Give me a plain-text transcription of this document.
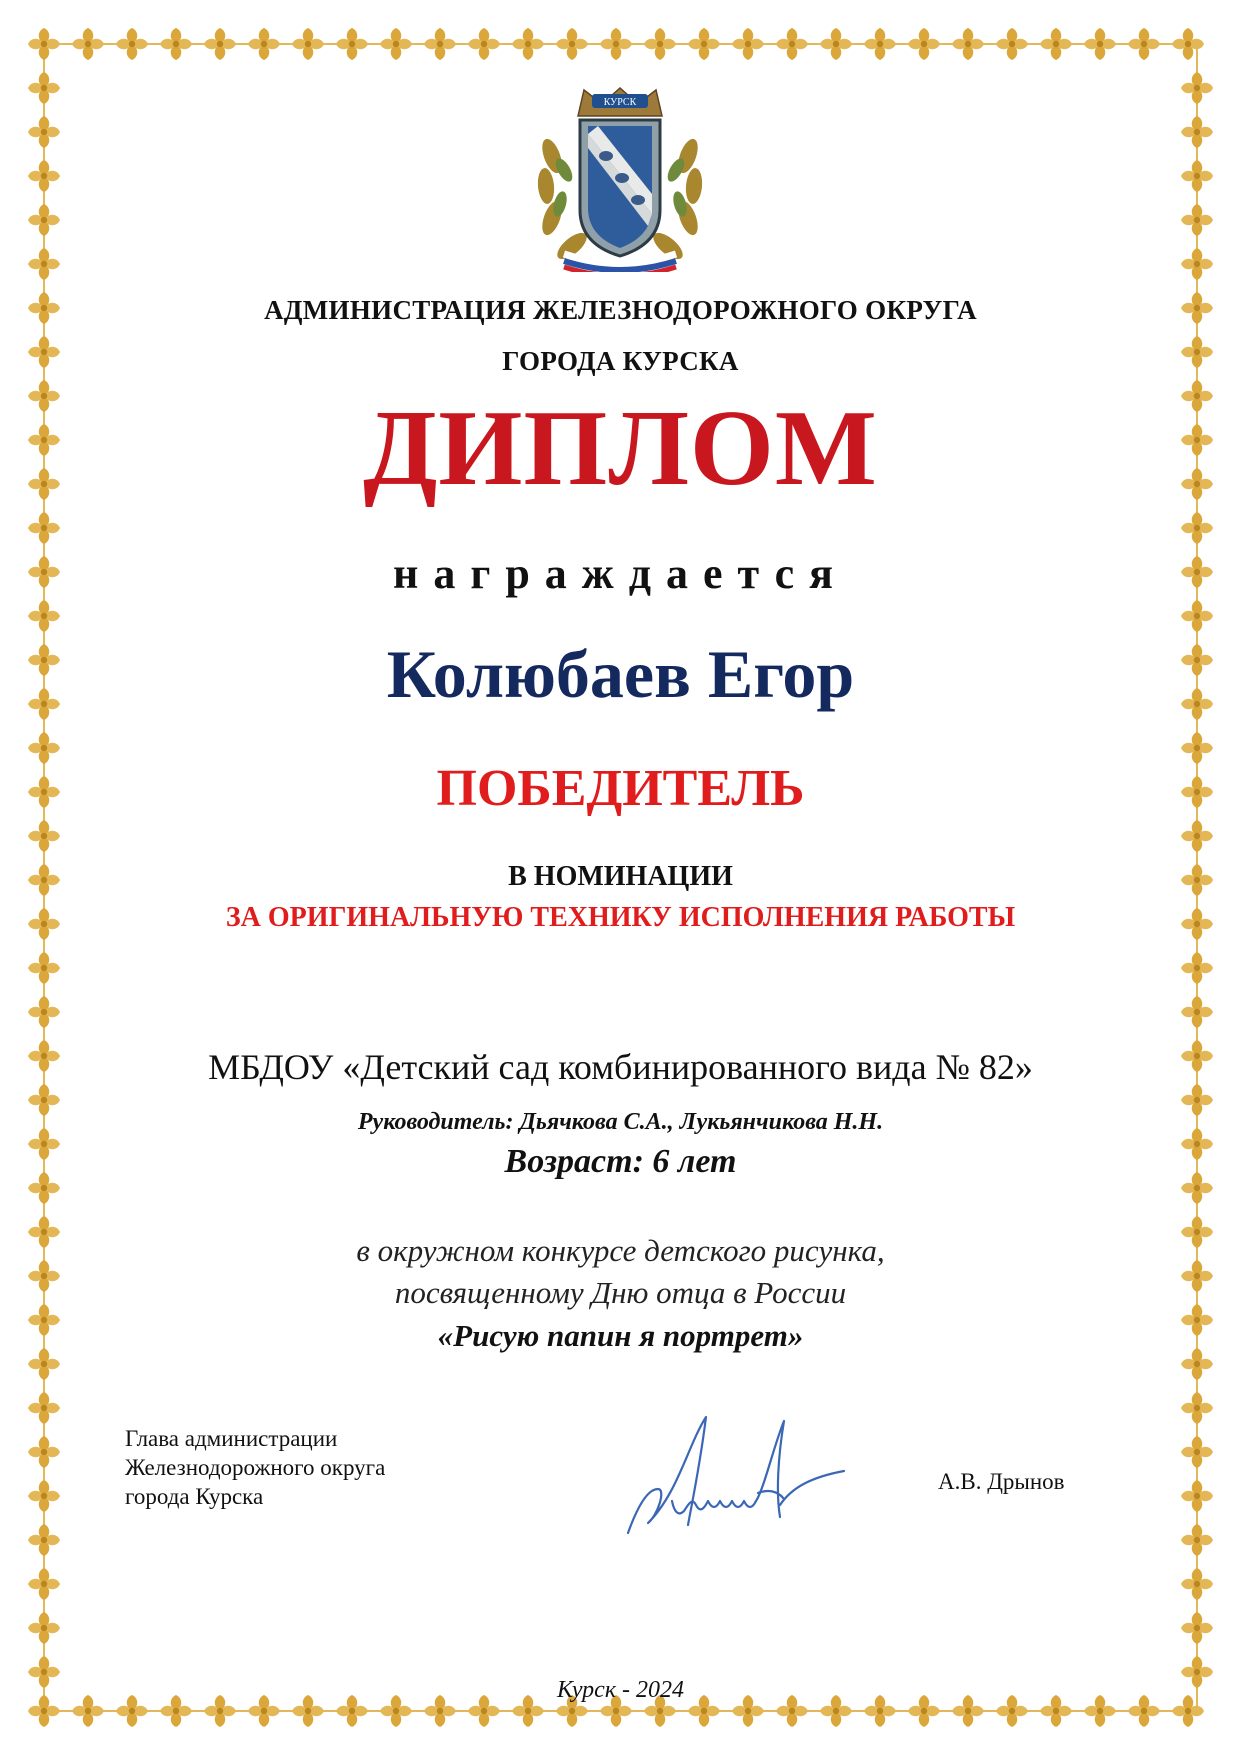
КУРСК

АДМИНИСТРАЦИЯ ЖЕЛЕЗНОДОРОЖНОГО ОКРУГА

ГОРОДА КУРСКА

ДИПЛОМ

награждается

Колюбаев Егор

ПОБЕДИТЕЛЬ

В НОМИНАЦИИ

ЗА ОРИГИНАЛЬНУЮ ТЕХНИКУ ИСПОЛНЕНИЯ РАБОТЫ

МБДОУ «Детский сад комбинированного вида № 82»

Руководитель: Дьячкова С.А., Лукьянчикова Н.Н.

Возраст: 6 лет

в окружном конкурсе детского рисунка,

посвященному Дню отца в России

«Рисую папин я портрет»

Глава администрации
Железнодорожного округа
города Курска
А.В. Дрынов

Курск - 2024
